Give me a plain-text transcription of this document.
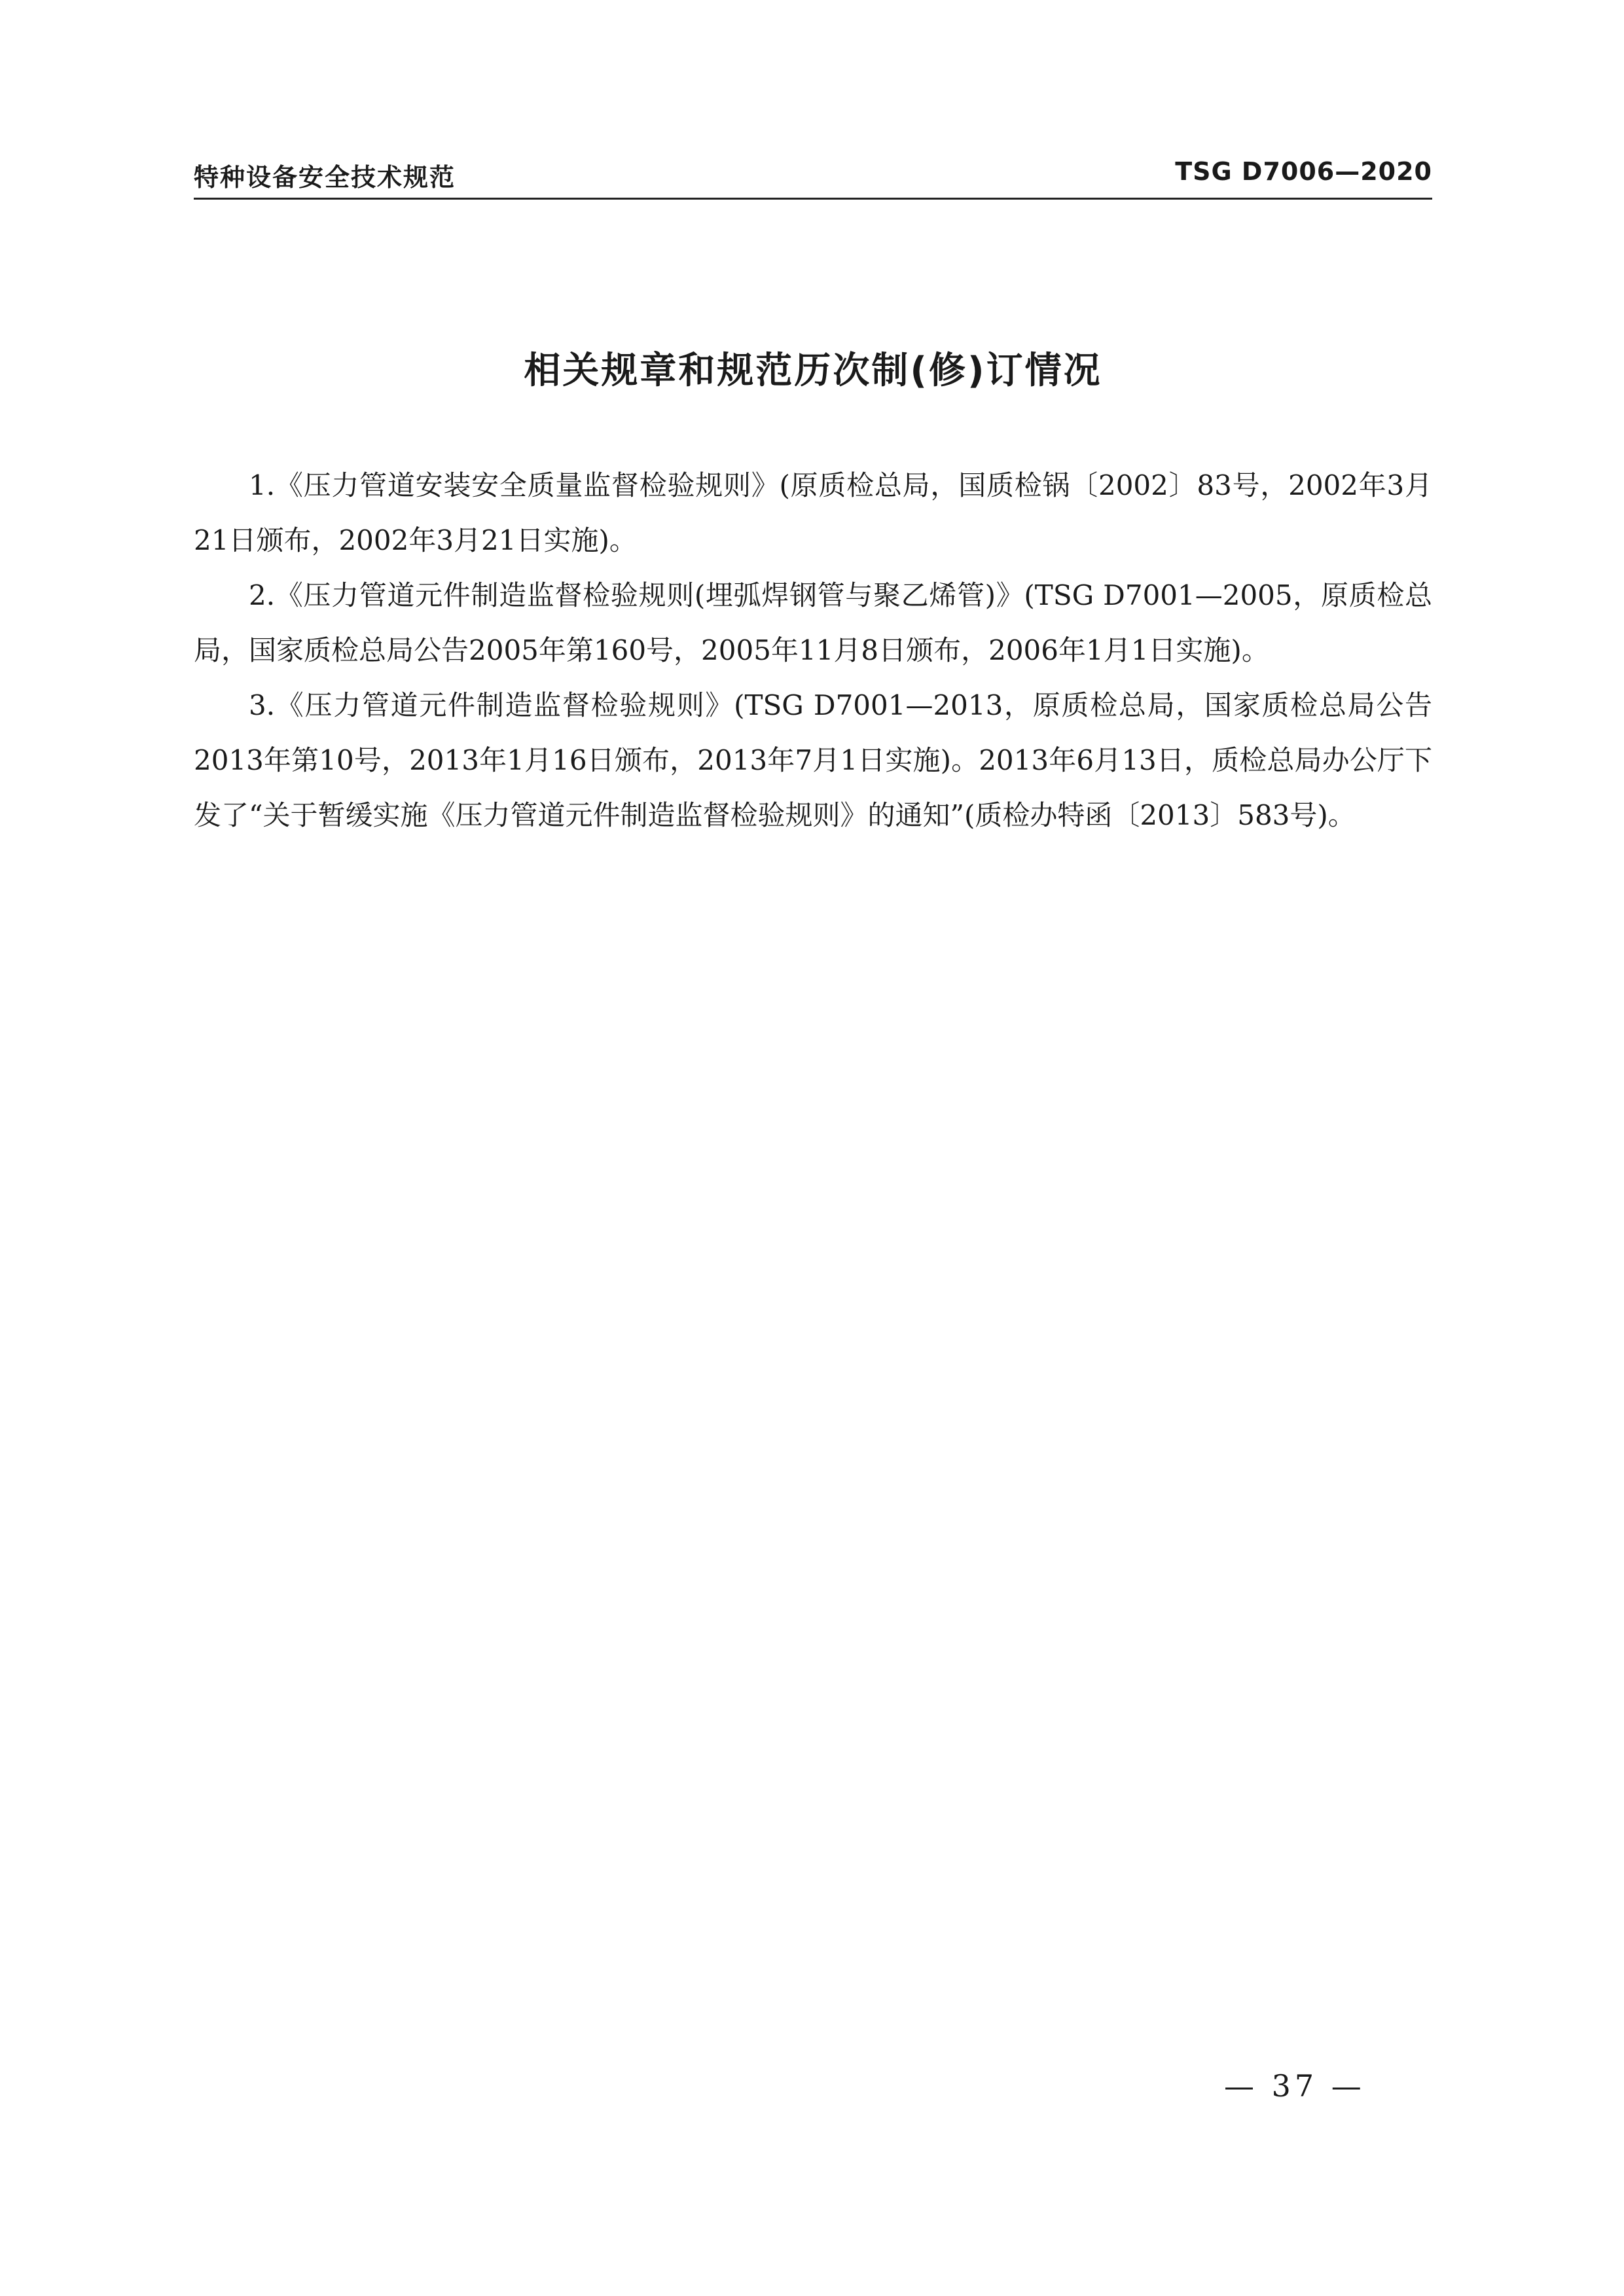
特种设备安全技术规范	TSG D7006—2020
相关规章和规范历次制(修)订情况

1.《压力管道安装安全质量监督检验规则》(原质检总局，国质检锅〔2002〕83号，2002年3月21日颁布，2002年3月21日实施)。

2.《压力管道元件制造监督检验规则(埋弧焊钢管与聚乙烯管)》(TSG D7001—2005，原质检总局，国家质检总局公告2005年第160号，2005年11月8日颁布，2006年1月1日实施)。

3.《压力管道元件制造监督检验规则》(TSG D7001—2013，原质检总局，国家质检总局公告2013年第10号，2013年1月16日颁布，2013年7月1日实施)。2013年6月13日，质检总局办公厅下发了“关于暂缓实施《压力管道元件制造监督检验规则》的通知”(质检办特函〔2013〕583号)。

— 37 —
